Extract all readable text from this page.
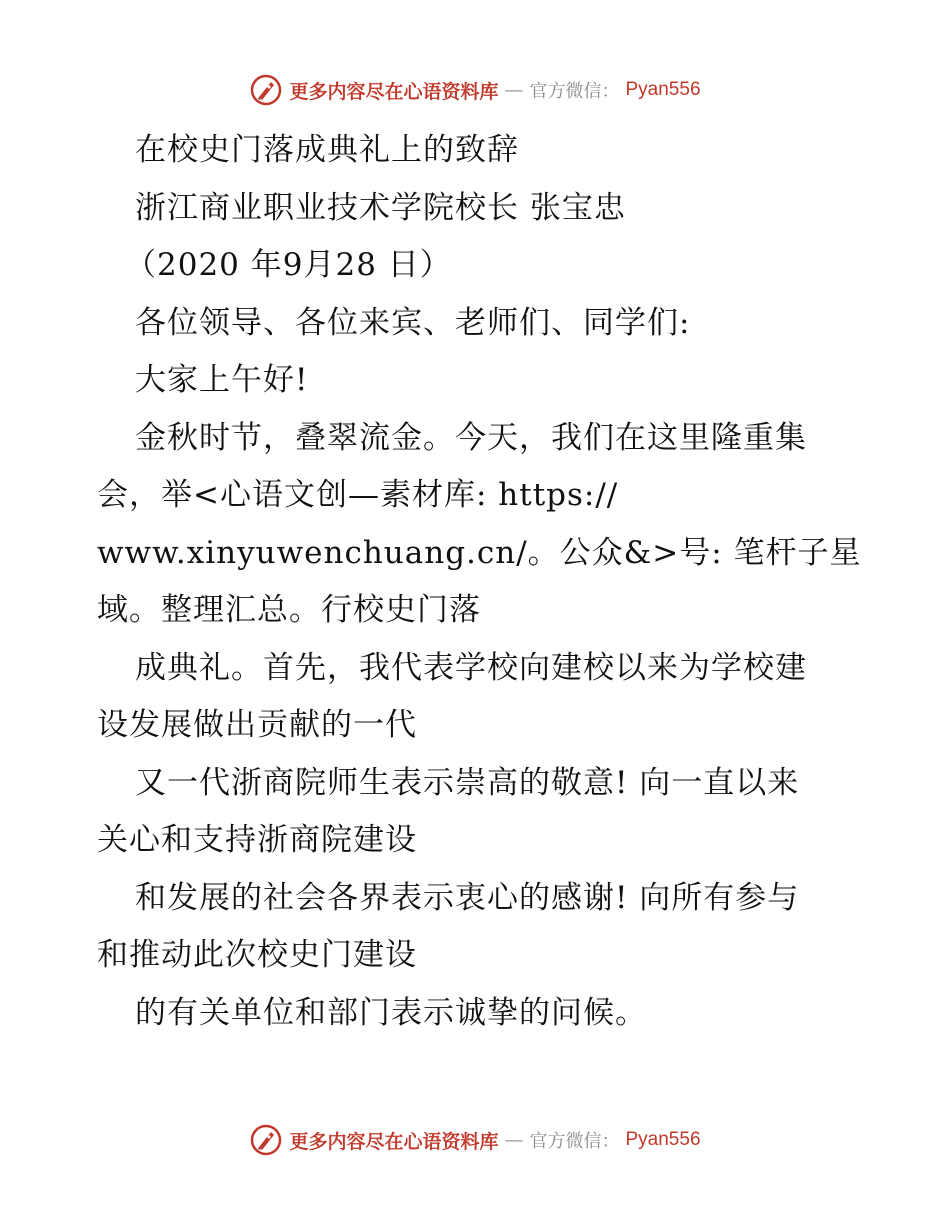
更多内容尽在心语资料库 — 官方微信： Pyan556
在校史门落成典礼上的致辞
浙江商业职业技术学院校长 张宝忠
（2020 年9月28 日）
各位领导、各位来宾、老师们、同学们:
大家上午好!
金秋时节，叠翠流金。今天，我们在这里隆重集
会，举<心语文创—素材库: https://
www.xinyuwenchuang.cn/。公众&>号: 笔杆子星
域。整理汇总。行校史门落
成典礼。首先，我代表学校向建校以来为学校建
设发展做出贡献的一代
又一代浙商院师生表示崇高的敬意! 向一直以来
关心和支持浙商院建设
和发展的社会各界表示衷心的感谢! 向所有参与
和推动此次校史门建设
的有关单位和部门表示诚挚的问候。
更多内容尽在心语资料库 — 官方微信： Pyan556
